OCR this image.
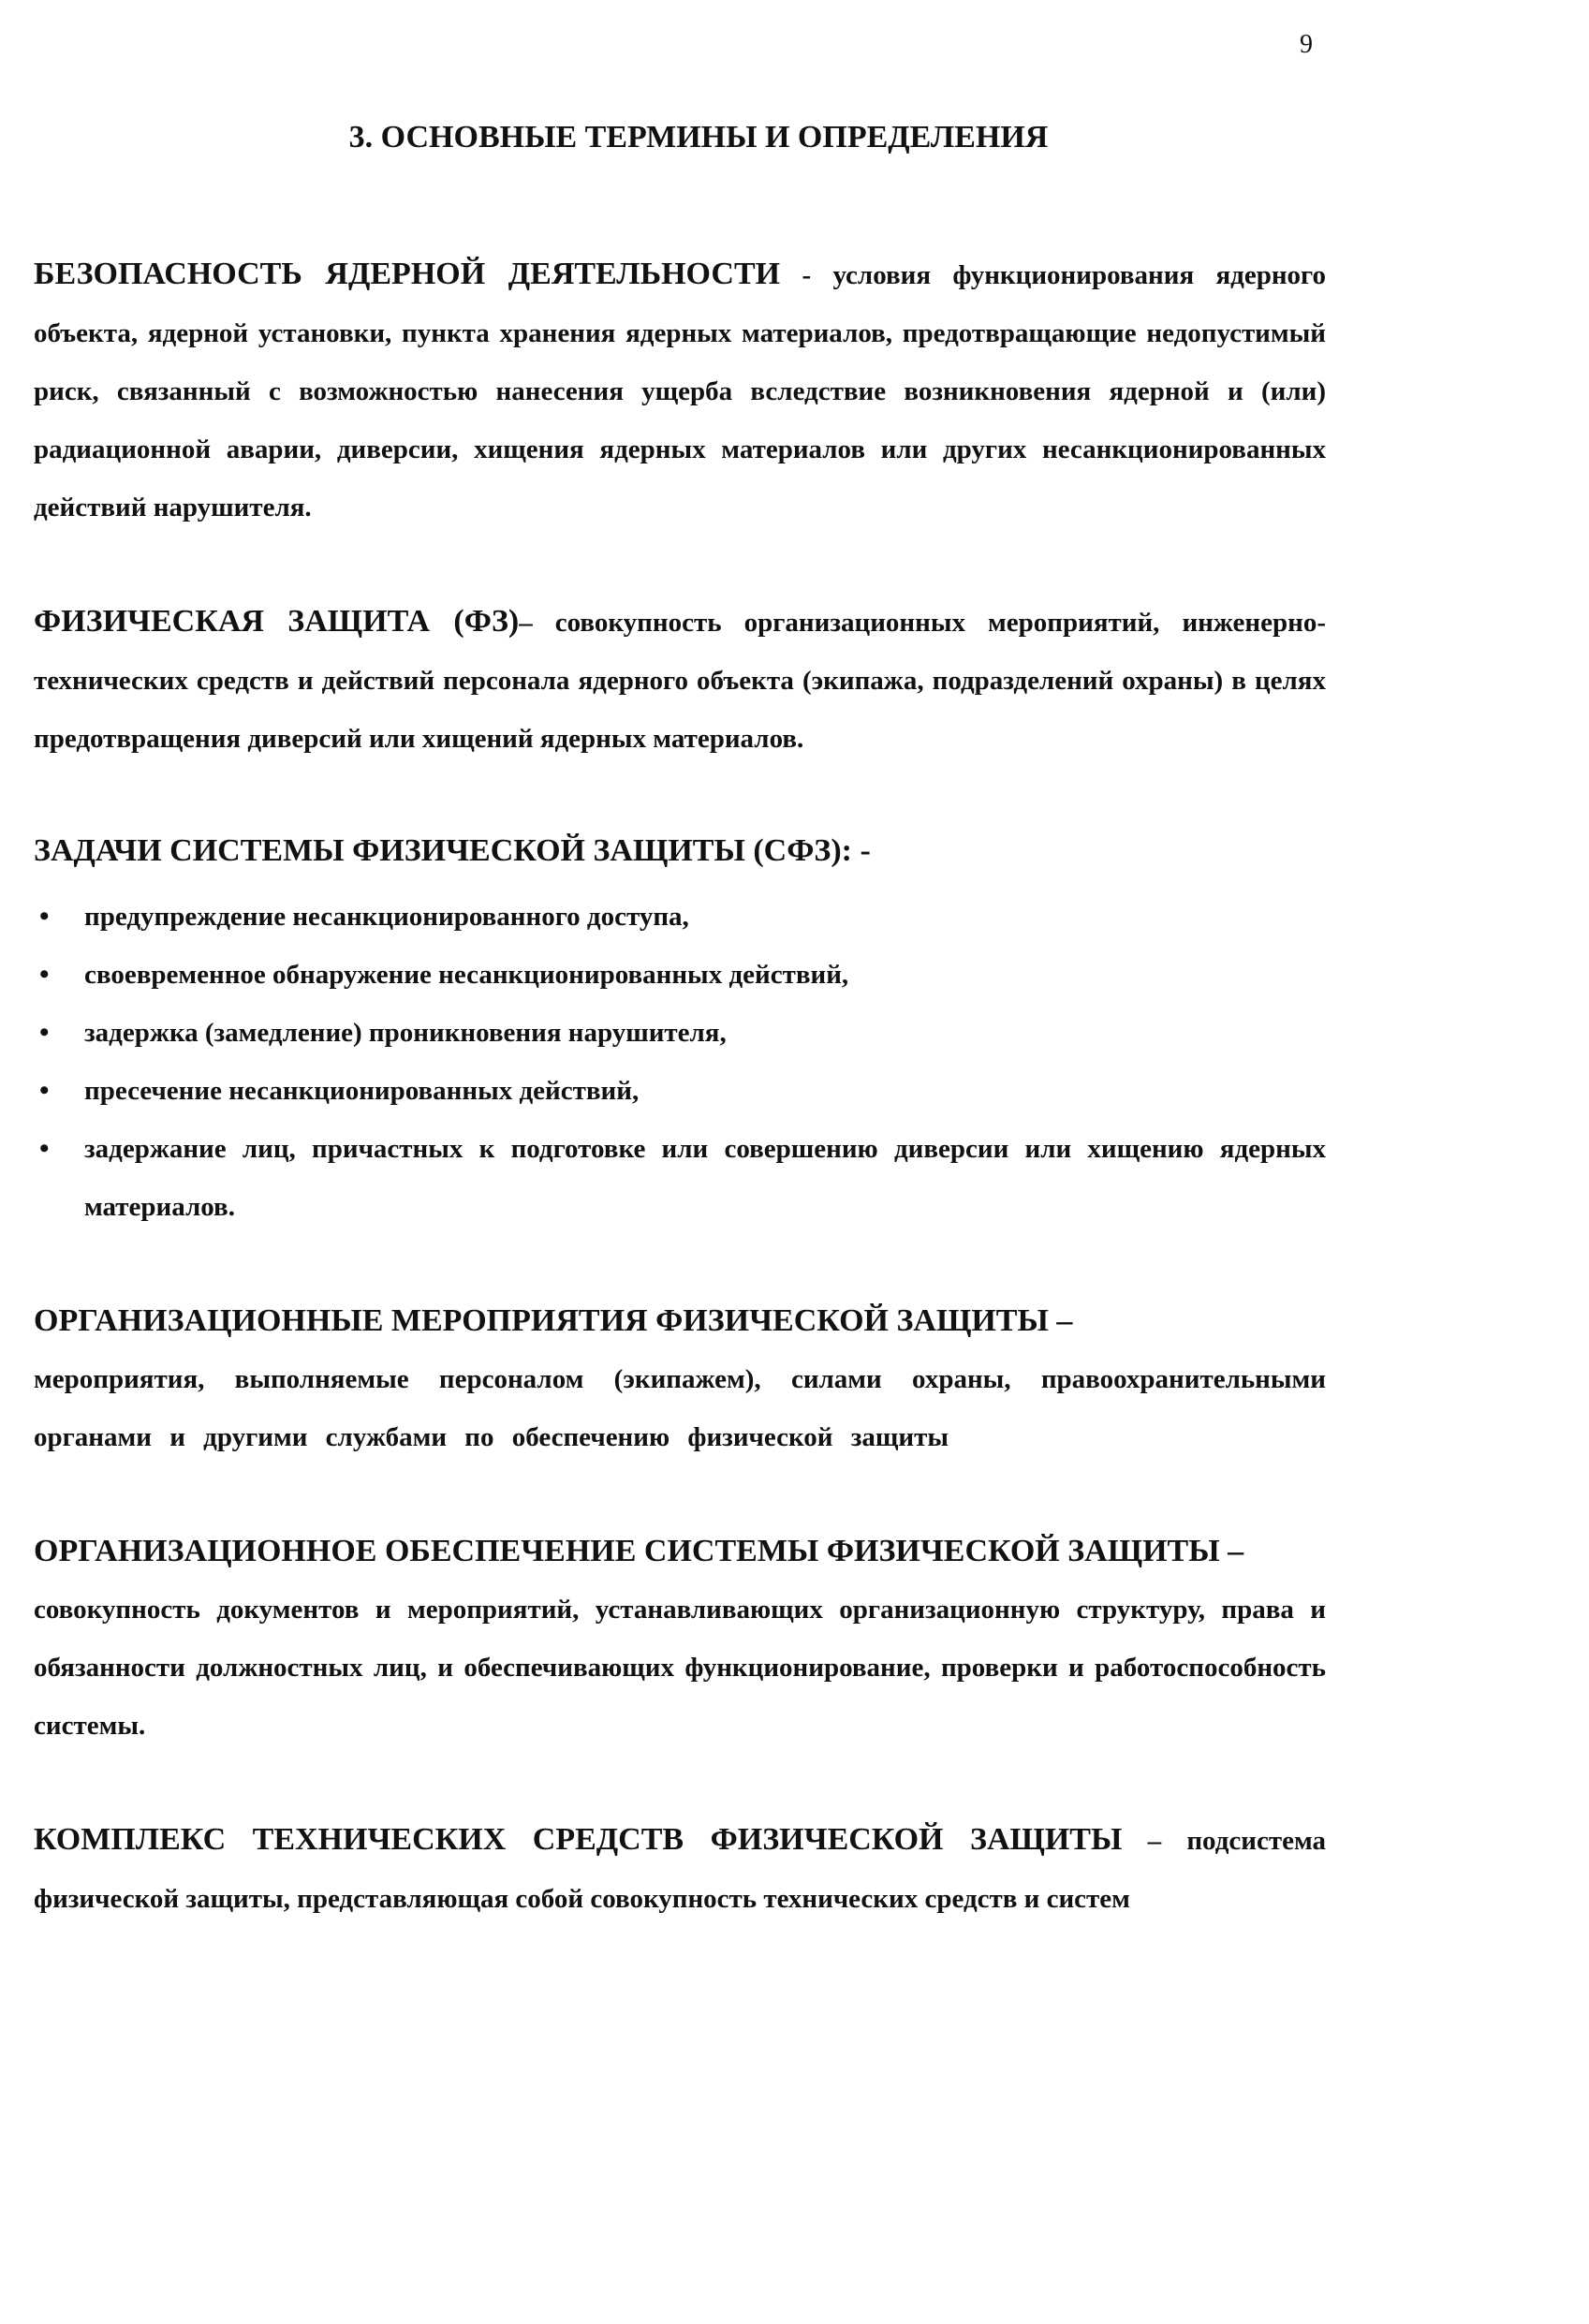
9
3. ОСНОВНЫЕ ТЕРМИНЫ И ОПРЕДЕЛЕНИЯ

БЕЗОПАСНОСТЬ ЯДЕРНОЙ ДЕЯТЕЛЬНОСТИ - условия функционирования ядерного объекта, ядерной установки, пункта хранения ядерных материалов, предотвращающие недопустимый риск, связанный с возможностью нанесения ущерба вследствие возникновения ядерной и (или) радиационной аварии, диверсии, хищения ядерных материалов или других несанкционированных действий нарушителя.

ФИЗИЧЕСКАЯ ЗАЩИТА (ФЗ)– совокупность организационных мероприятий, инженерно-технических средств и действий персонала ядерного объекта (экипажа, подразделений охраны) в целях предотвращения диверсий или хищений ядерных материалов.

ЗАДАЧИ СИСТЕМЫ ФИЗИЧЕСКОЙ ЗАЩИТЫ (СФЗ): -
• предупреждение несанкционированного доступа,
• своевременное обнаружение несанкционированных действий,
• задержка (замедление) проникновения нарушителя,
• пресечение несанкционированных действий,
• задержание лиц, причастных к подготовке или совершению диверсии или хищению ядерных материалов.
ОРГАНИЗАЦИОННЫЕ МЕРОПРИЯТИЯ ФИЗИЧЕСКОЙ ЗАЩИТЫ –

мероприятия, выполняемые персоналом (экипажем), силами охраны, правоохранительными органами и другими службами по обеспечению физической защиты

ОРГАНИЗАЦИОННОЕ ОБЕСПЕЧЕНИЕ СИСТЕМЫ ФИЗИЧЕСКОЙ ЗАЩИТЫ –

совокупность документов и мероприятий, устанавливающих организационную структуру, права и обязанности должностных лиц, и обеспечивающих функционирование, проверки и работоспособность системы.

КОМПЛЕКС ТЕХНИЧЕСКИХ СРЕДСТВ ФИЗИЧЕСКОЙ ЗАЩИТЫ – подсистема физической защиты, представляющая собой совокупность технических средств и систем
